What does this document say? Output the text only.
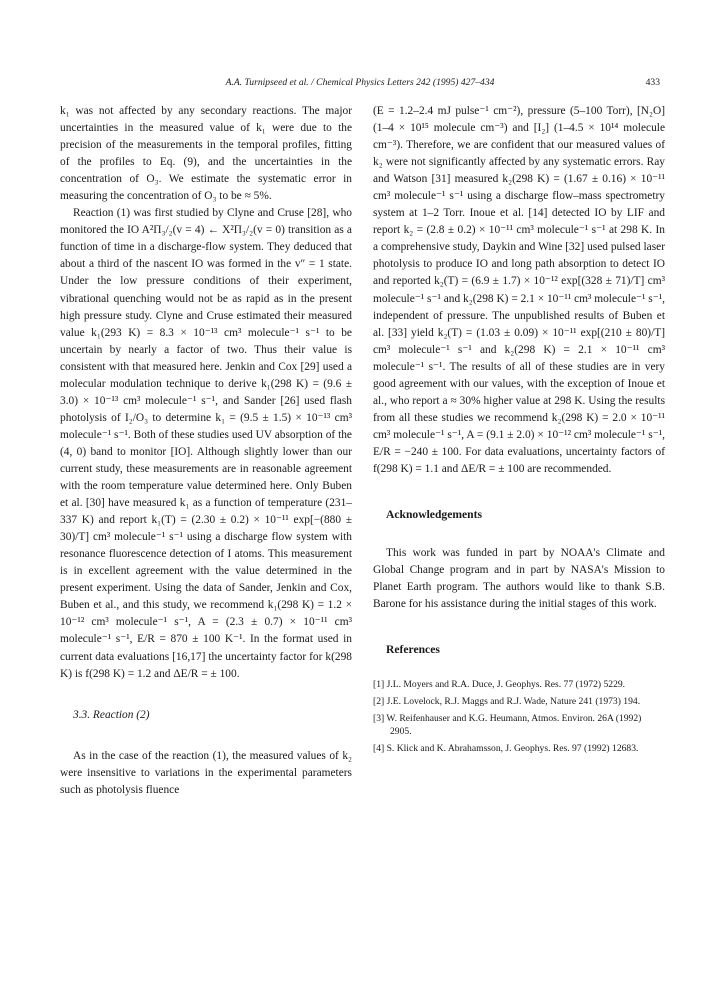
A.A. Turnipseed et al. / Chemical Physics Letters 242 (1995) 427–434	433

k₁ was not affected by any secondary reactions. The major uncertainties in the measured value of k₁ were due to the precision of the measurements in the temporal profiles, fitting of the profiles to Eq. (9), and the uncertainties in the concentration of O₃. We estimate the systematic error in measuring the concentration of O₃ to be ≈ 5%.

Reaction (1) was first studied by Clyne and Cruse [28], who monitored the IO A²Π₃/₂(v = 4) ← X²Π₃/₂(v = 0) transition as a function of time in a discharge-flow system. They deduced that about a third of the nascent IO was formed in the v″ = 1 state. Under the low pressure conditions of their experiment, vibrational quenching would not be as rapid as in the present high pressure study. Clyne and Cruse estimated their measured value k₁(293 K) = 8.3 × 10⁻¹³ cm³ molecule⁻¹ s⁻¹ to be uncertain by nearly a factor of two. Thus their value is consistent with that measured here. Jenkin and Cox [29] used a molecular modulation technique to derive k₁(298 K) = (9.6 ± 3.0) × 10⁻¹³ cm³ molecule⁻¹ s⁻¹, and Sander [26] used flash photolysis of I₂/O₃ to determine k₁ = (9.5 ± 1.5) × 10⁻¹³ cm³ molecule⁻¹ s⁻¹. Both of these studies used UV absorption of the (4, 0) band to monitor [IO]. Although slightly lower than our current study, these measurements are in reasonable agreement with the room temperature value determined here. Only Buben et al. [30] have measured k₁ as a function of temperature (231–337 K) and report k₁(T) = (2.30 ± 0.2) × 10⁻¹¹ exp[−(880 ± 30)/T] cm³ molecule⁻¹ s⁻¹ using a discharge flow system with resonance fluorescence detection of I atoms. This measurement is in excellent agreement with the value determined in the present experiment. Using the data of Sander, Jenkin and Cox, Buben et al., and this study, we recommend k₁(298 K) = 1.2 × 10⁻¹² cm³ molecule⁻¹ s⁻¹, A = (2.3 ± 0.7) × 10⁻¹¹ cm³ molecule⁻¹ s⁻¹, E/R = 870 ± 100 K⁻¹. In the format used in current data evaluations [16,17] the uncertainty factor for k(298 K) is f(298 K) = 1.2 and ΔE/R = ± 100.

3.3. Reaction (2)

As in the case of the reaction (1), the measured values of k₂ were insensitive to variations in the experimental parameters such as photolysis fluence

(E = 1.2–2.4 mJ pulse⁻¹ cm⁻²), pressure (5–100 Torr), [N₂O] (1–4 × 10¹⁵ molecule cm⁻³) and [I₂] (1–4.5 × 10¹⁴ molecule cm⁻³). Therefore, we are confident that our measured values of k₂ were not significantly affected by any systematic errors. Ray and Watson [31] measured k₂(298 K) = (1.67 ± 0.16) × 10⁻¹¹ cm³ molecule⁻¹ s⁻¹ using a discharge flow–mass spectrometry system at 1–2 Torr. Inoue et al. [14] detected IO by LIF and report k₂ = (2.8 ± 0.2) × 10⁻¹¹ cm³ molecule⁻¹ s⁻¹ at 298 K. In a comprehensive study, Daykin and Wine [32] used pulsed laser photolysis to produce IO and long path absorption to detect IO and reported k₂(T) = (6.9 ± 1.7) × 10⁻¹² exp[(328 ± 71)/T] cm³ molecule⁻¹ s⁻¹ and k₂(298 K) = 2.1 × 10⁻¹¹ cm³ molecule⁻¹ s⁻¹, independent of pressure. The unpublished results of Buben et al. [33] yield k₂(T) = (1.03 ± 0.09) × 10⁻¹¹ exp[(210 ± 80)/T] cm³ molecule⁻¹ s⁻¹ and k₂(298 K) = 2.1 × 10⁻¹¹ cm³ molecule⁻¹ s⁻¹. The results of all of these studies are in very good agreement with our values, with the exception of Inoue et al., who report a ≈ 30% higher value at 298 K. Using the results from all these studies we recommend k₂(298 K) = 2.0 × 10⁻¹¹ cm³ molecule⁻¹ s⁻¹, A = (9.1 ± 2.0) × 10⁻¹² cm³ molecule⁻¹ s⁻¹, E/R = −240 ± 100. For data evaluations, uncertainty factors of f(298 K) = 1.1 and ΔE/R = ± 100 are recommended.

Acknowledgements

This work was funded in part by NOAA's Climate and Global Change program and in part by NASA's Mission to Planet Earth program. The authors would like to thank S.B. Barone for his assistance during the initial stages of this work.

References

[1] J.L. Moyers and R.A. Duce, J. Geophys. Res. 77 (1972) 5229.
[2] J.E. Lovelock, R.J. Maggs and R.J. Wade, Nature 241 (1973) 194.
[3] W. Reifenhauser and K.G. Heumann, Atmos. Environ. 26A (1992) 2905.
[4] S. Klick and K. Abrahamsson, J. Geophys. Res. 97 (1992) 12683.
